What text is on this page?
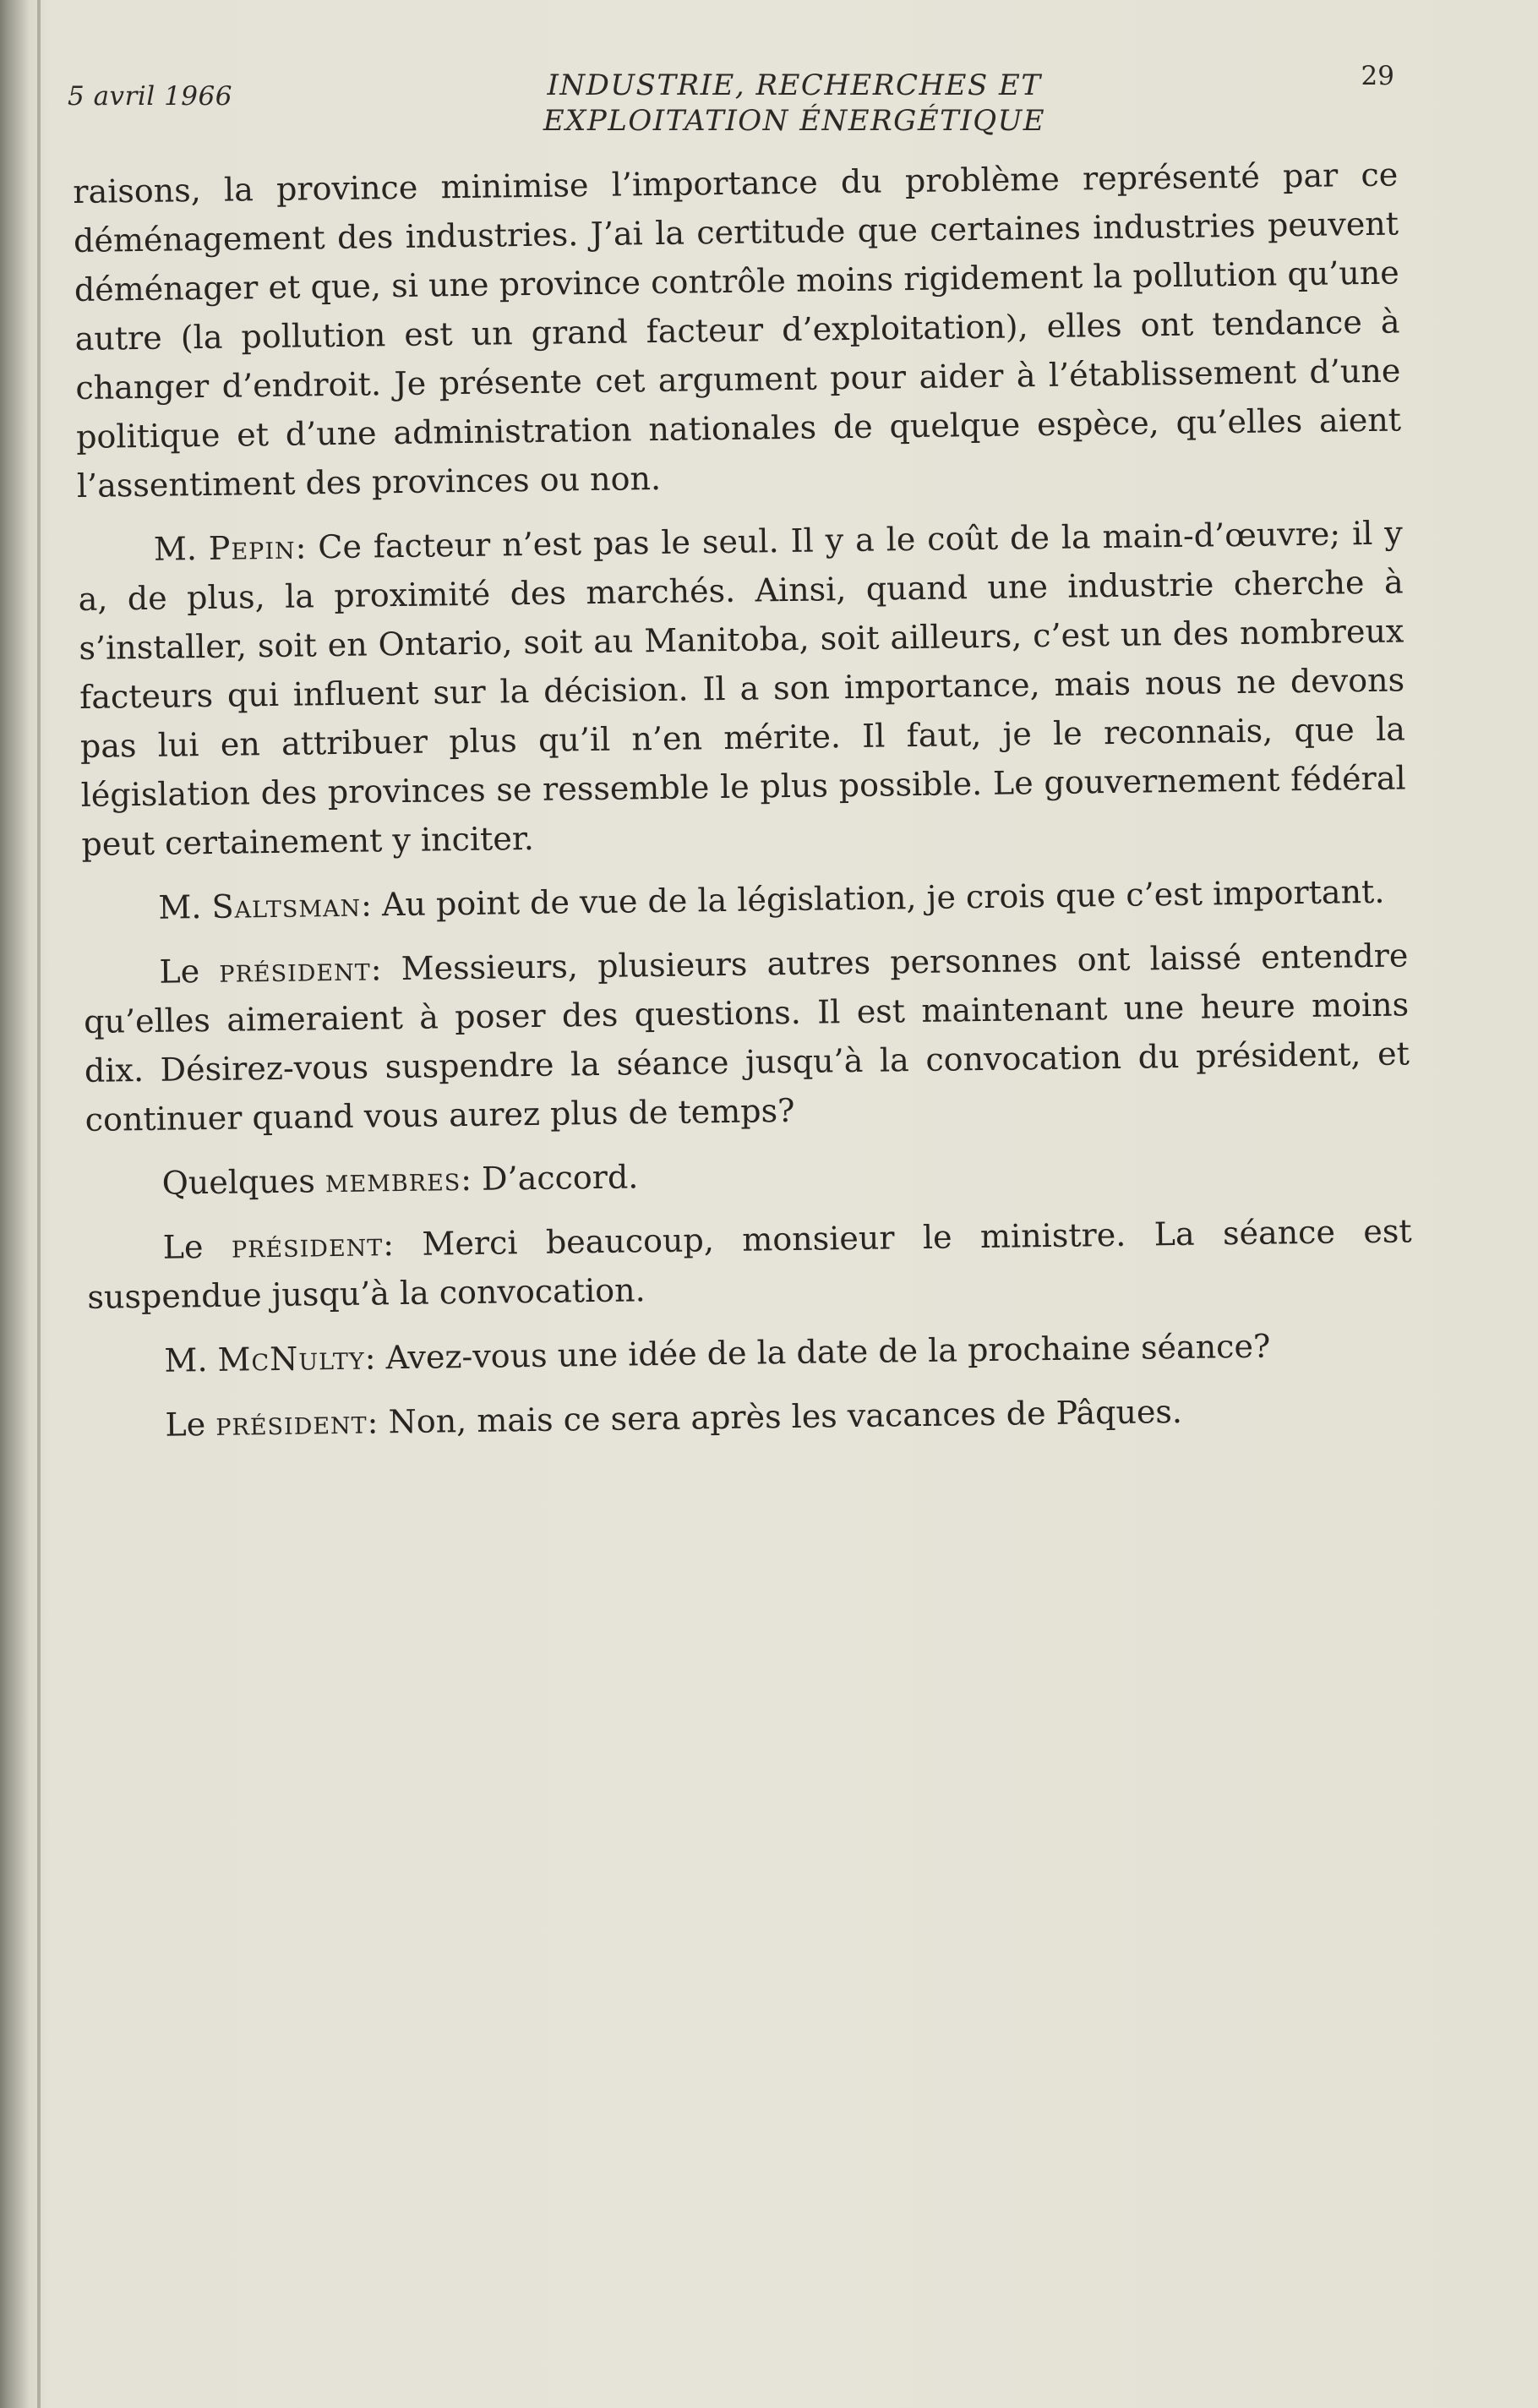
5 avril 1966	INDUSTRIE, RECHERCHES ET
EXPLOITATION ÉNERGÉTIQUE
29

raisons, la province minimise l’importance du problème représenté par ce déménagement des industries. J’ai la certitude que certaines industries peuvent déménager et que, si une province contrôle moins rigidement la pollution qu’une autre (la pollution est un grand facteur d’exploitation), elles ont tendance à changer d’endroit. Je présente cet argument pour aider à l’établissement d’une politique et d’une administration nationales de quelque espèce, qu’elles aient l’assentiment des provinces ou non.

M. Pepin: Ce facteur n’est pas le seul. Il y a le coût de la main-d’œuvre; il y a, de plus, la proximité des marchés. Ainsi, quand une industrie cherche à s’installer, soit en Ontario, soit au Manitoba, soit ailleurs, c’est un des nombreux facteurs qui influent sur la décision. Il a son importance, mais nous ne devons pas lui en attribuer plus qu’il n’en mérite. Il faut, je le reconnais, que la législation des provinces se ressemble le plus possible. Le gouvernement fédéral peut certainement y inciter.

M. Saltsman: Au point de vue de la législation, je crois que c’est important.

Le président: Messieurs, plusieurs autres personnes ont laissé entendre qu’elles aimeraient à poser des questions. Il est maintenant une heure moins dix. Désirez-vous suspendre la séance jusqu’à la convocation du président, et continuer quand vous aurez plus de temps?

Quelques membres: D’accord.

Le président: Merci beaucoup, monsieur le ministre. La séance est suspendue jusqu’à la convocation.

M. McNulty: Avez-vous une idée de la date de la prochaine séance?

Le président: Non, mais ce sera après les vacances de Pâques.
